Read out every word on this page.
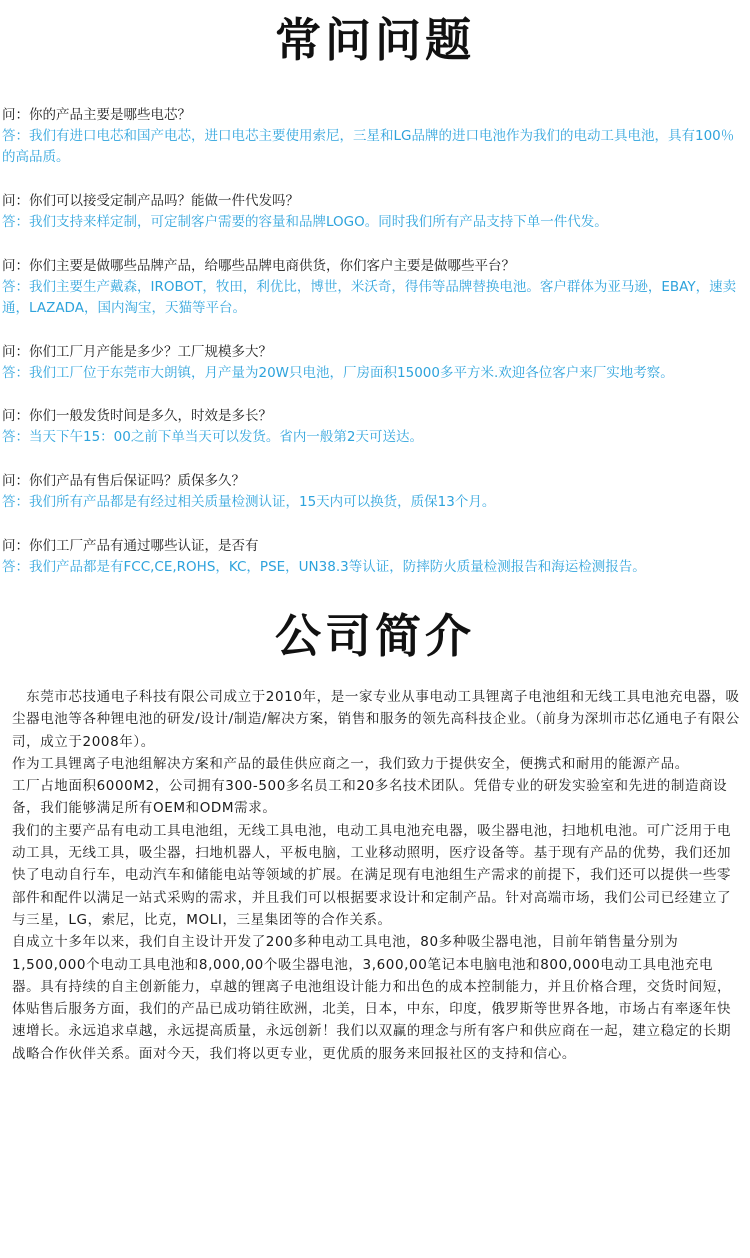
常问问题
问：你的产品主要是哪些电芯？
答：我们有进口电芯和国产电芯，进口电芯主要使用索尼，三星和LG品牌的进口电池作为我们的电动工具电池，具有100％的高品质。
问：你们可以接受定制产品吗？能做一件代发吗？
答：我们支持来样定制，可定制客户需要的容量和品牌LOGO。同时我们所有产品支持下单一件代发。
问：你们主要是做哪些品牌产品，给哪些品牌电商供货，你们客户主要是做哪些平台？
答：我们主要生产戴森，IROBOT，牧田，利优比，博世，米沃奇，得伟等品牌替换电池。客户群体为亚马逊，EBAY，速卖通，LAZADA，国内淘宝，天猫等平台。
问：你们工厂月产能是多少？工厂规模多大？
答：我们工厂位于东莞市大朗镇，月产量为20W只电池，厂房面积15000多平方米.欢迎各位客户来厂实地考察。
问：你们一般发货时间是多久，时效是多长？
答：当天下午15：00之前下单当天可以发货。省内一般第2天可送达。
问：你们产品有售后保证吗？质保多久？
答：我们所有产品都是有经过相关质量检测认证，15天内可以换货，质保13个月。
问：你们工厂产品有通过哪些认证，是否有
答：我们产品都是有FCC,CE,ROHS，KC，PSE，UN38.3等认证，防摔防火质量检测报告和海运检测报告。
公司简介

　东莞市芯技通电子科技有限公司成立于2010年，是一家专业从事电动工具锂离子电池组和无线工具电池充电器，吸尘器电池等各种锂电池的研发/设计/制造/解决方案，销售和服务的领先高科技企业。（前身为深圳市芯亿通电子有限公司，成立于2008年）。

作为工具锂离子电池组解决方案和产品的最佳供应商之一，我们致力于提供安全，便携式和耐用的能源产品。

工厂占地面积6000M2，公司拥有300-500多名员工和20多名技术团队。凭借专业的研发实验室和先进的制造商设备，我们能够满足所有OEM和ODM需求。

我们的主要产品有电动工具电池组，无线工具电池，电动工具电池充电器，吸尘器电池，扫地机电池。可广泛用于电动工具，无线工具，吸尘器，扫地机器人，平板电脑，工业移动照明，医疗设备等。基于现有产品的优势，我们还加快了电动自行车，电动汽车和储能电站等领域的扩展。在满足现有电池组生产需求的前提下，我们还可以提供一些零部件和配件以满足一站式采购的需求，并且我们可以根据要求设计和定制产品。针对高端市场，我们公司已经建立了与三星，LG，索尼，比克，MOLI，三星集团等的合作关系。

自成立十多年以来，我们自主设计开发了200多种电动工具电池，80多种吸尘器电池，目前年销售量分别为1,500,000个电动工具电池和8,000,00个吸尘器电池，3,600,00笔记本电脑电池和800,000电动工具电池充电器。具有持续的自主创新能力，卓越的锂离子电池组设计能力和出色的成本控制能力，并且价格合理，交货时间短，体贴售后服务方面，我们的产品已成功销往欧洲，北美，日本，中东，印度，俄罗斯等世界各地，市场占有率逐年快速增长。永远追求卓越，永远提高质量，永远创新！我们以双赢的理念与所有客户和供应商在一起，建立稳定的长期战略合作伙伴关系。面对今天，我们将以更专业，更优质的服务来回报社区的支持和信心。
